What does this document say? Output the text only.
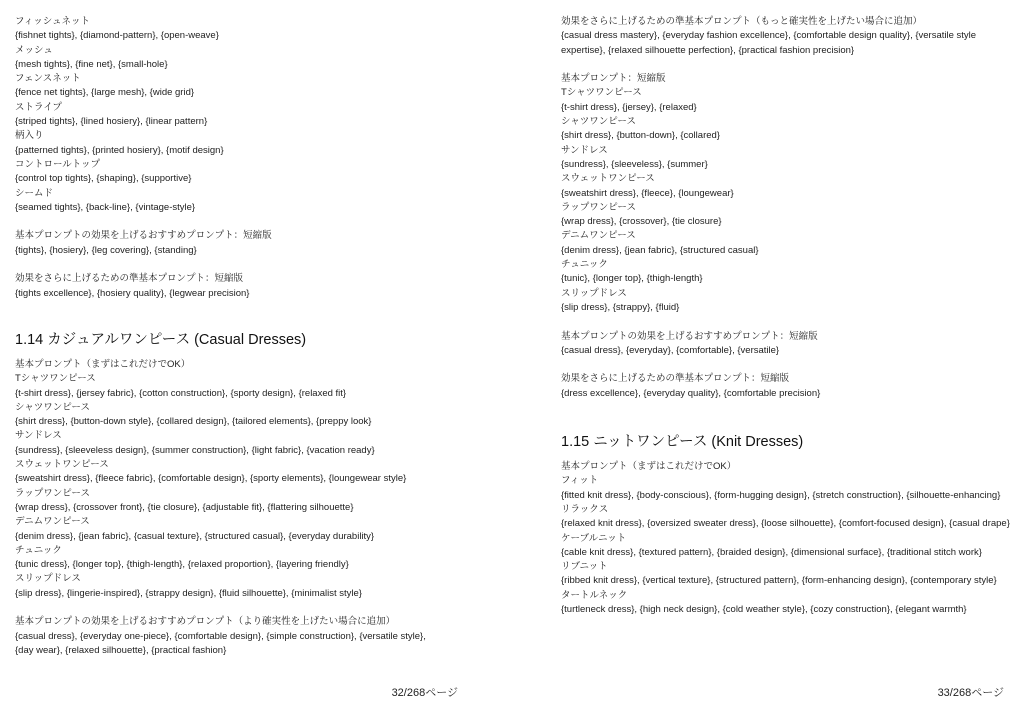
フィッシュネット
{fishnet tights}, {diamond-pattern}, {open-weave}
メッシュ
{mesh tights}, {fine net}, {small-hole}
フェンスネット
{fence net tights}, {large mesh}, {wide grid}
ストライプ
{striped tights}, {lined hosiery}, {linear pattern}
柄入り
{patterned tights}, {printed hosiery}, {motif design}
コントロールトップ
{control top tights}, {shaping}, {supportive}
シームド
{seamed tights}, {back-line}, {vintage-style}
基本プロンプトの効果を上げるおすすめプロンプト：短縮版
{tights}, {hosiery}, {leg covering}, {standing}
効果をさらに上げるための準基本プロンプト：短縮版
{tights excellence}, {hosiery quality}, {legwear precision}
1.14 カジュアルワンピース (Casual Dresses)
基本プロンプト（まずはこれだけでOK）
Tシャツワンピース
{t-shirt dress}, {jersey fabric}, {cotton construction}, {sporty design}, {relaxed fit}
シャツワンピース
{shirt dress}, {button-down style}, {collared design}, {tailored elements}, {preppy look}
サンドレス
{sundress}, {sleeveless design}, {summer construction}, {light fabric}, {vacation ready}
スウェットワンピース
{sweatshirt dress}, {fleece fabric}, {comfortable design}, {sporty elements}, {loungewear style}
ラップワンピース
{wrap dress}, {crossover front}, {tie closure}, {adjustable fit}, {flattering silhouette}
デニムワンピース
{denim dress}, {jean fabric}, {casual texture}, {structured casual}, {everyday durability}
チュニック
{tunic dress}, {longer top}, {thigh-length}, {relaxed proportion}, {layering friendly}
スリップドレス
{slip dress}, {lingerie-inspired}, {strappy design}, {fluid silhouette}, {minimalist style}
基本プロンプトの効果を上げるおすすめプロンプト（より確実性を上げたい場合に追加）
{casual dress}, {everyday one-piece}, {comfortable design}, {simple construction}, {versatile style},
{day wear}, {relaxed silhouette}, {practical fashion}
効果をさらに上げるための準基本プロンプト（もっと確実性を上げたい場合に追加）
{casual dress mastery}, {everyday fashion excellence}, {comfortable design quality}, {versatile style expertise}, {relaxed silhouette perfection}, {practical fashion precision}
基本プロンプト：短縮版
Tシャツワンピース
{t-shirt dress}, {jersey}, {relaxed}
シャツワンピース
{shirt dress}, {button-down}, {collared}
サンドレス
{sundress}, {sleeveless}, {summer}
スウェットワンピース
{sweatshirt dress}, {fleece}, {loungewear}
ラップワンピース
{wrap dress}, {crossover}, {tie closure}
デニムワンピース
{denim dress}, {jean fabric}, {structured casual}
チュニック
{tunic}, {longer top}, {thigh-length}
スリップドレス
{slip dress}, {strappy}, {fluid}
基本プロンプトの効果を上げるおすすめプロンプト：短縮版
{casual dress}, {everyday}, {comfortable}, {versatile}
効果をさらに上げるための準基本プロンプト：短縮版
{dress excellence}, {everyday quality}, {comfortable precision}
1.15 ニットワンピース (Knit Dresses)
基本プロンプト（まずはこれだけでOK）
フィット
{fitted knit dress}, {body-conscious}, {form-hugging design}, {stretch construction}, {silhouette-enhancing}
リラックス
{relaxed knit dress}, {oversized sweater dress}, {loose silhouette}, {comfort-focused design}, {casual drape}
ケーブルニット
{cable knit dress}, {textured pattern}, {braided design}, {dimensional surface}, {traditional stitch work}
リブニット
{ribbed knit dress}, {vertical texture}, {structured pattern}, {form-enhancing design}, {contemporary style}
タートルネック
{turtleneck dress}, {high neck design}, {cold weather style}, {cozy construction}, {elegant warmth}
32/268ページ	33/268ページ
